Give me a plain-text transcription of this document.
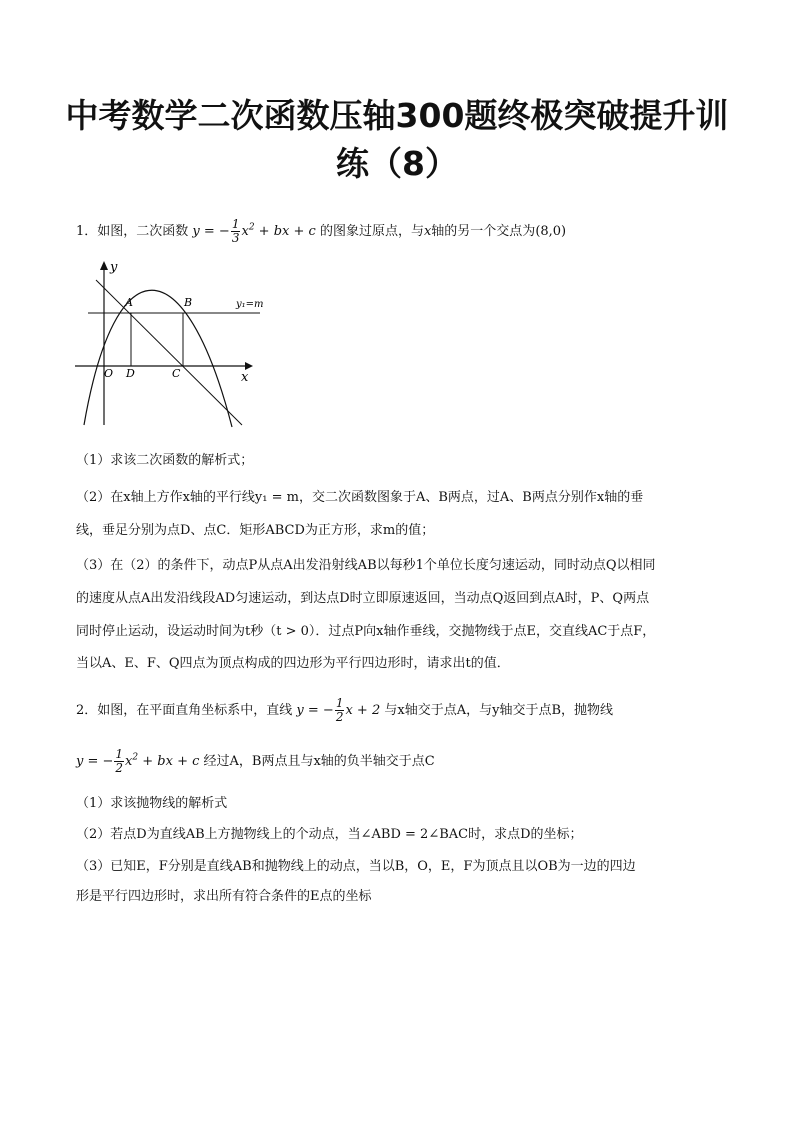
中考数学二次函数压轴300题终极突破提升训
练（8）
1．如图，二次函数 y = − $\frac{1}{3} x^2$ + bx + c 的图象过原点，与x轴的另一个交点为(8,0)
y
x
O
A	B
D	C
y₁=m
（1）求该二次函数的解析式；
（2）在x轴上方作x轴的平行线y₁ = m，交二次函数图象于A、B两点，过A、B两点分别作x轴的垂
线，垂足分别为点D、点C．矩形ABCD为正方形，求m的值；
（3）在（2）的条件下，动点P从点A出发沿射线AB以每秒1个单位长度匀速运动，同时动点Q以相同
的速度从点A出发沿线段AD匀速运动，到达点D时立即原速返回，当动点Q返回到点A时，P、Q两点
同时停止运动，设运动时间为t秒（t > 0）．过点P向x轴作垂线，交抛物线于点E，交直线AC于点F，
当以A、E、F、Q四点为顶点构成的四边形为平行四边形时，请求出t的值．
2．如图，在平面直角坐标系中，直线 y = − $\frac{1}{2}$ x + 2 与x轴交于点A，与y轴交于点B，抛物线
y = − $\frac{1}{2} x^2$ + bx + c 经过A，B两点且与x轴的负半轴交于点C
（1）求该抛物线的解析式
（2）若点D为直线AB上方抛物线上的个动点，当∠ABD = 2∠BAC时，求点D的坐标；
（3）已知E，F分别是直线AB和抛物线上的动点，当以B，O，E，F为顶点且以OB为一边的四边
形是平行四边形时，求出所有符合条件的E点的坐标
